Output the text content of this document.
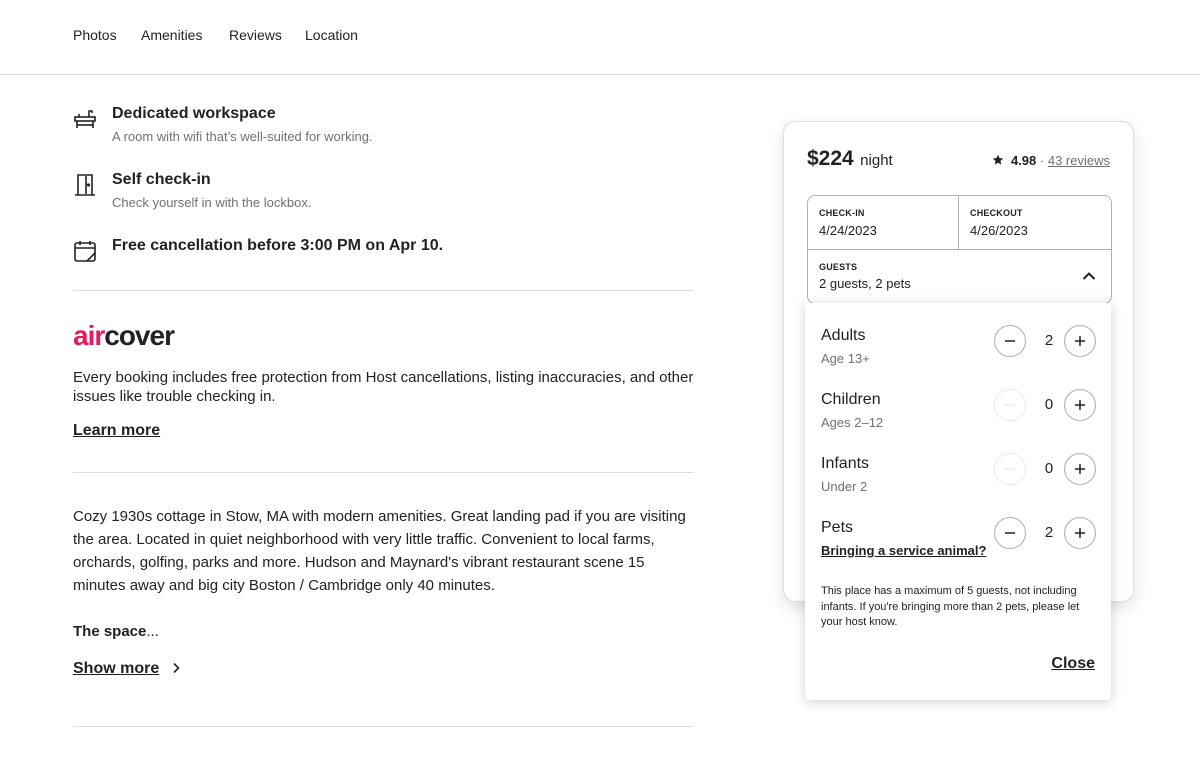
Photos Amenities Reviews Location
Dedicated workspace
A room with wifi that’s well-suited for working.
Self check-in
Check yourself in with the lockbox.
Free cancellation before 3:00 PM on Apr 10.
aircover
Every booking includes free protection from Host cancellations, listing inaccuracies, and other issues like trouble checking in.
Learn more
Cozy 1930s cottage in Stow, MA with modern amenities. Great landing pad if you are visiting the area. Located in quiet neighborhood with very little traffic. Convenient to local farms, orchards, golfing, parks and more. Hudson and Maynard's vibrant restaurant scene 15 minutes away and big city Boston / Cambridge only 40 minutes.
The space...
Show more
$224 night	4.98 · 43 reviews
CHECK-IN
4/24/2023
CHECKOUT
4/26/2023
GUESTS
2 guests, 2 pets
Adults
Age 13+
2
Children
Ages 2–12
0
Infants
Under 2
0
Pets
Bringing a service animal?
2
This place has a maximum of 5 guests, not including infants. If you're bringing more than 2 pets, please let your host know.
Close
